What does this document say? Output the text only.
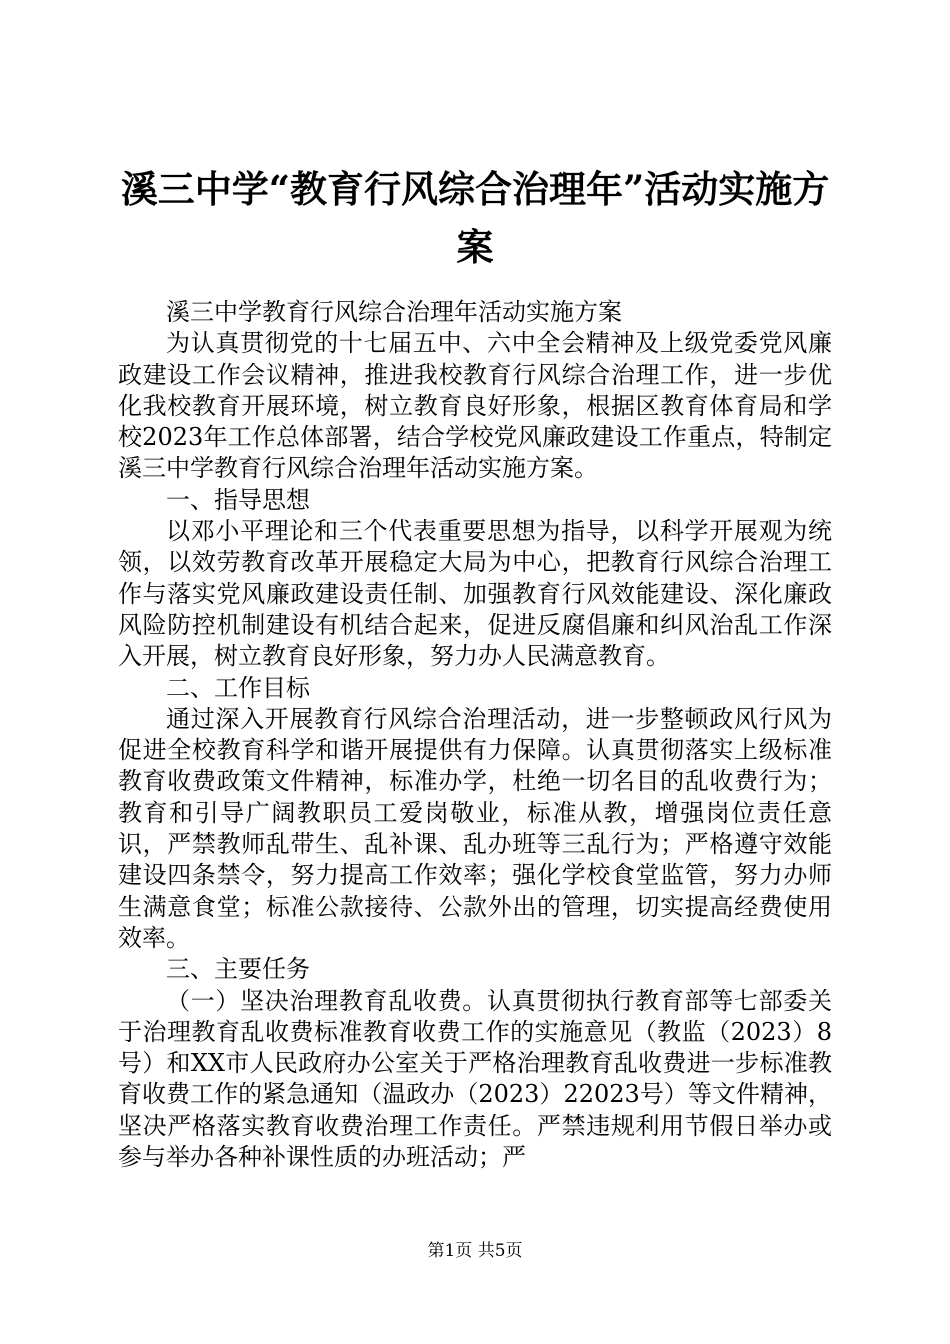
溪三中学“教育行风综合治理年”活动实施方案

溪三中学教育行风综合治理年活动实施方案

为认真贯彻党的十七届五中、六中全会精神及上级党委党风廉政建设工作会议精神，推进我校教育行风综合治理工作，进一步优化我校教育开展环境，树立教育良好形象，根据区教育体育局和学校2023年工作总体部署，结合学校党风廉政建设工作重点，特制定溪三中学教育行风综合治理年活动实施方案。

一、指导思想

以邓小平理论和三个代表重要思想为指导，以科学开展观为统领，以效劳教育改革开展稳定大局为中心，把教育行风综合治理工作与落实党风廉政建设责任制、加强教育行风效能建设、深化廉政风险防控机制建设有机结合起来，促进反腐倡廉和纠风治乱工作深入开展，树立教育良好形象，努力办人民满意教育。

二、工作目标

通过深入开展教育行风综合治理活动，进一步整顿政风行风为促进全校教育科学和谐开展提供有力保障。认真贯彻落实上级标准教育收费政策文件精神，标准办学，杜绝一切名目的乱收费行为；教育和引导广阔教职员工爱岗敬业，标准从教，增强岗位责任意识，严禁教师乱带生、乱补课、乱办班等三乱行为；严格遵守效能建设四条禁令，努力提高工作效率；强化学校食堂监管，努力办师生满意食堂；标准公款接待、公款外出的管理，切实提高经费使用效率。

三、主要任务

（一）坚决治理教育乱收费。认真贯彻执行教育部等七部委关于治理教育乱收费标准教育收费工作的实施意见（教监（2023）8号）和XX市人民政府办公室关于严格治理教育乱收费进一步标准教育收费工作的紧急通知（温政办（2023）22023号）等文件精神，坚决严格落实教育收费治理工作责任。严禁违规利用节假日举办或参与举办各种补课性质的办班活动；严

第1页 共5页
